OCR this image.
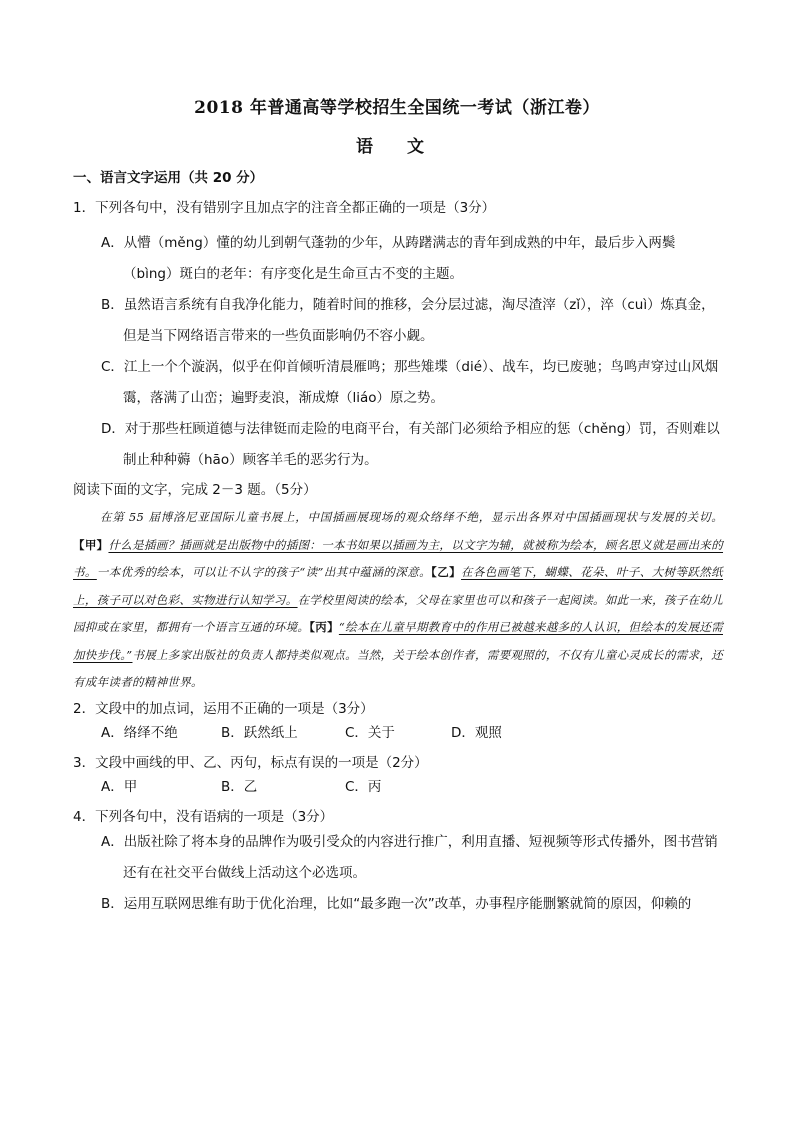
2018 年普通高等学校招生全国统一考试（浙江卷）
语 文
一、语言文字运用（共 20 分）
1．下列各句中，没有错别字且加点字的注音全都正确的一项是（3分）
A．从懵（měng）懂的幼儿到朝气蓬勃的少年，从踌躇满志的青年到成熟的中年，最后步入两鬓（bìng）斑白的老年：有序变化是生命亘古不变的主题。
B．虽然语言系统有自我净化能力，随着时间的推移，会分层过滤，淘尽渣滓（zǐ），淬（cuì）炼真金，但是当下网络语言带来的一些负面影响仍不容小觑。
C．江上一个个漩涡，似乎在仰首倾听清晨雁鸣；那些雉堞（dié）、战车，均已废驰；鸟鸣声穿过山风烟霭，落满了山峦；遍野麦浪，渐成燎（liáo）原之势。
D．对于那些枉顾道德与法律铤而走险的电商平台，有关部门必须给予相应的惩（chěng）罚，否则难以制止种种薅（hāo）顾客羊毛的恶劣行为。
阅读下面的文字，完成 2－3 题。（5分）
在第 55 届博洛尼亚国际儿童书展上，中国插画展现场的观众络绎不绝，显示出各界对中国插画现状与发展的关切。【甲】什么是插画？插画就是出版物中的插图：一本书如果以插画为主，以文字为辅，就被称为绘本，顾名思义就是画出来的书。一本优秀的绘本，可以让不认字的孩子“读”出其中蕴涵的深意。【乙】在各色画笔下，蝴蝶、花朵、叶子、大树等跃然纸上，孩子可以对色彩、实物进行认知学习。在学校里阅读的绘本，父母在家里也可以和孩子一起阅读。如此一来，孩子在幼儿园抑或在家里，都拥有一个语言互通的环境。【丙】“绘本在儿童早期教育中的作用已被越来越多的人认识，但绘本的发展还需加快步伐。”书展上多家出版社的负责人都持类似观点。当然，关于绘本创作者，需要观照的，不仅有儿童心灵成长的需求，还有成年读者的精神世界。
2．文段中的加点词，运用不正确的一项是（3分）
A．络绎不绝	B．跃然纸上	C．关于	D．观照
3．文段中画线的甲、乙、丙句，标点有误的一项是（2分）
A．甲	B．乙	C．丙
4．下列各句中，没有语病的一项是（3分）
A．出版社除了将本身的品牌作为吸引受众的内容进行推广，利用直播、短视频等形式传播外，图书营销还有在社交平台做线上活动这个必选项。
B．运用互联网思维有助于优化治理，比如“最多跑一次”改革，办事程序能删繁就简的原因，仰赖的
